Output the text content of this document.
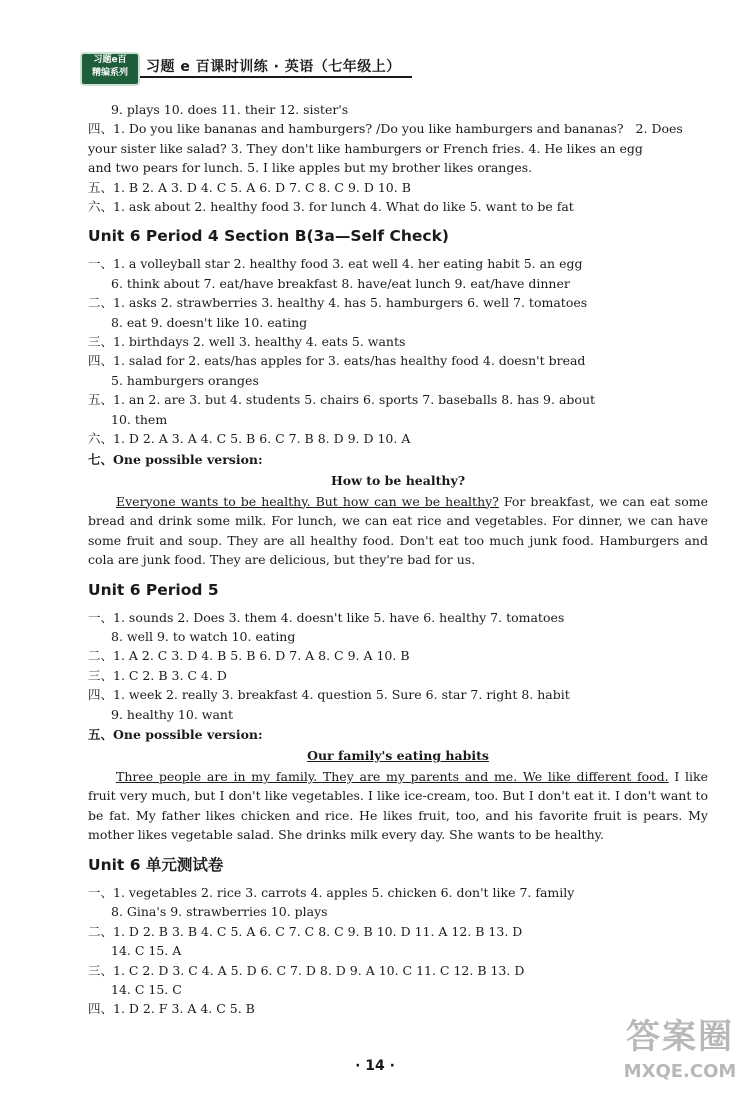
习题e百
精编系列	习题 e 百课时训练 · 英语（七年级上）
9. plays 10. does 11. their 12. sister's
四、1. Do you like bananas and hamburgers? /Do you like hamburgers and bananas?   2. Does
your sister like salad? 3. They don't like hamburgers or French fries. 4. He likes an egg
and two pears for lunch. 5. I like apples but my brother likes oranges.
五、1. B 2. A 3. D 4. C 5. A 6. D 7. C 8. C 9. D 10. B
六、1. ask about 2. healthy food 3. for lunch 4. What do like 5. want to be fat
Unit 6 Period 4 Section B(3a—Self Check)
一、1. a volleyball star 2. healthy food 3. eat well 4. her eating habit 5. an egg
6. think about 7. eat/have breakfast 8. have/eat lunch 9. eat/have dinner
二、1. asks 2. strawberries 3. healthy 4. has 5. hamburgers 6. well 7. tomatoes
8. eat 9. doesn't like 10. eating
三、1. birthdays 2. well 3. healthy 4. eats 5. wants
四、1. salad for 2. eats/has apples for 3. eats/has healthy food 4. doesn't bread
5. hamburgers oranges
五、1. an 2. are 3. but 4. students 5. chairs 6. sports 7. baseballs 8. has 9. about
10. them
六、1. D 2. A 3. A 4. C 5. B 6. C 7. B 8. D 9. D 10. A
七、One possible version:
How to be healthy?
Everyone wants to be healthy. But how can we be healthy? For breakfast, we can eat some bread and drink some milk. For lunch, we can eat rice and vegetables. For dinner, we can have some fruit and soup. They are all healthy food. Don't eat too much junk food. Hamburgers and cola are junk food. They are delicious, but they're bad for us.
Unit 6 Period 5
一、1. sounds 2. Does 3. them 4. doesn't like 5. have 6. healthy 7. tomatoes
8. well 9. to watch 10. eating
二、1. A 2. C 3. D 4. B 5. B 6. D 7. A 8. C 9. A 10. B
三、1. C 2. B 3. C 4. D
四、1. week 2. really 3. breakfast 4. question 5. Sure 6. star 7. right 8. habit
9. healthy 10. want
五、One possible version:
Our family's eating habits
Three people are in my family. They are my parents and me. We like different food. I like fruit very much, but I don't like vegetables. I like ice-cream, too. But I don't eat it. I don't want to be fat. My father likes chicken and rice. He likes fruit, too, and his favorite fruit is pears. My mother likes vegetable salad. She drinks milk every day. She wants to be healthy.
Unit 6 单元测试卷
一、1. vegetables 2. rice 3. carrots 4. apples 5. chicken 6. don't like 7. family
8. Gina's 9. strawberries 10. plays
二、1. D 2. B 3. B 4. C 5. A 6. C 7. C 8. C 9. B 10. D 11. A 12. B 13. D
14. C 15. A
三、1. C 2. D 3. C 4. A 5. D 6. C 7. D 8. D 9. A 10. C 11. C 12. B 13. D
14. C 15. C
四、1. D 2. F 3. A 4. C 5. B
· 14 ·
答案圈
MXQE.COM
